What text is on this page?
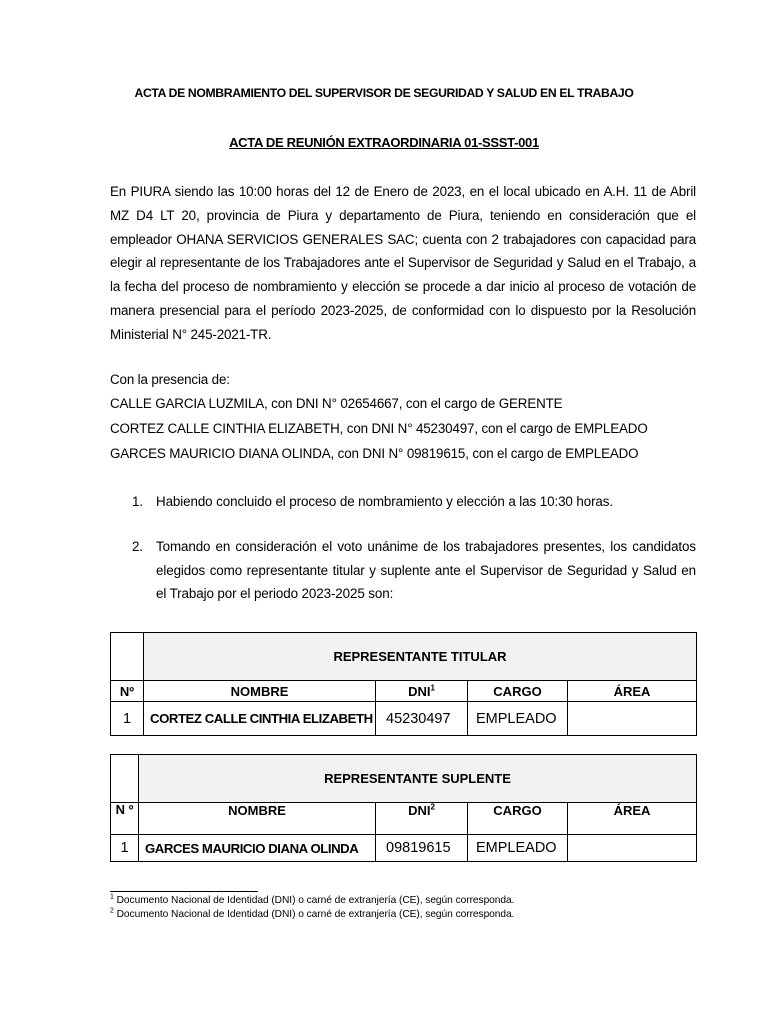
ACTA DE NOMBRAMIENTO DEL SUPERVISOR DE SEGURIDAD Y SALUD EN EL TRABAJO
ACTA DE REUNIÓN EXTRAORDINARIA 01-SSST-001
En PIURA siendo las 10:00 horas del 12 de Enero de 2023, en el local ubicado en A.H. 11 de Abril MZ D4 LT 20, provincia de Piura y departamento de Piura, teniendo en consideración que el empleador OHANA SERVICIOS GENERALES SAC; cuenta con 2 trabajadores con capacidad para elegir al representante de los Trabajadores ante el Supervisor de Seguridad y Salud en el Trabajo, a la fecha del proceso de nombramiento y elección se procede a dar inicio al proceso de votación de manera presencial para el período 2023-2025, de conformidad con lo dispuesto por la Resolución Ministerial N° 245-2021-TR.
Con la presencia de:
CALLE GARCIA LUZMILA, con DNI N° 02654667, con el cargo de GERENTE
CORTEZ CALLE CINTHIA ELIZABETH, con DNI N° 45230497, con el cargo de EMPLEADO
GARCES MAURICIO DIANA OLINDA, con DNI N° 09819615, con el cargo de EMPLEADO
1. Habiendo concluido el proceso de nombramiento y elección a las 10:30 horas.
2. Tomando en consideración el voto unánime de los trabajadores presentes, los candidatos elegidos como representante titular y suplente ante el Supervisor de Seguridad y Salud en el Trabajo por el periodo 2023-2025 son:
	REPRESENTANTE TITULAR			
Nº	NOMBRE	DNI$^1$	CARGO	ÁREA
1	CORTEZ CALLE CINTHIA ELIZABETH	45230497	EMPLEADO	
	REPRESENTANTE SUPLENTE			
N º	NOMBRE	DNI$^2$	CARGO	ÁREA
1	GARCES MAURICIO DIANA OLINDA	09819615	EMPLEADO	
$^1$ Documento Nacional de Identidad (DNI) o carné de extranjería (CE), según corresponda.
$^2$ Documento Nacional de Identidad (DNI) o carné de extranjería (CE), según corresponda.
